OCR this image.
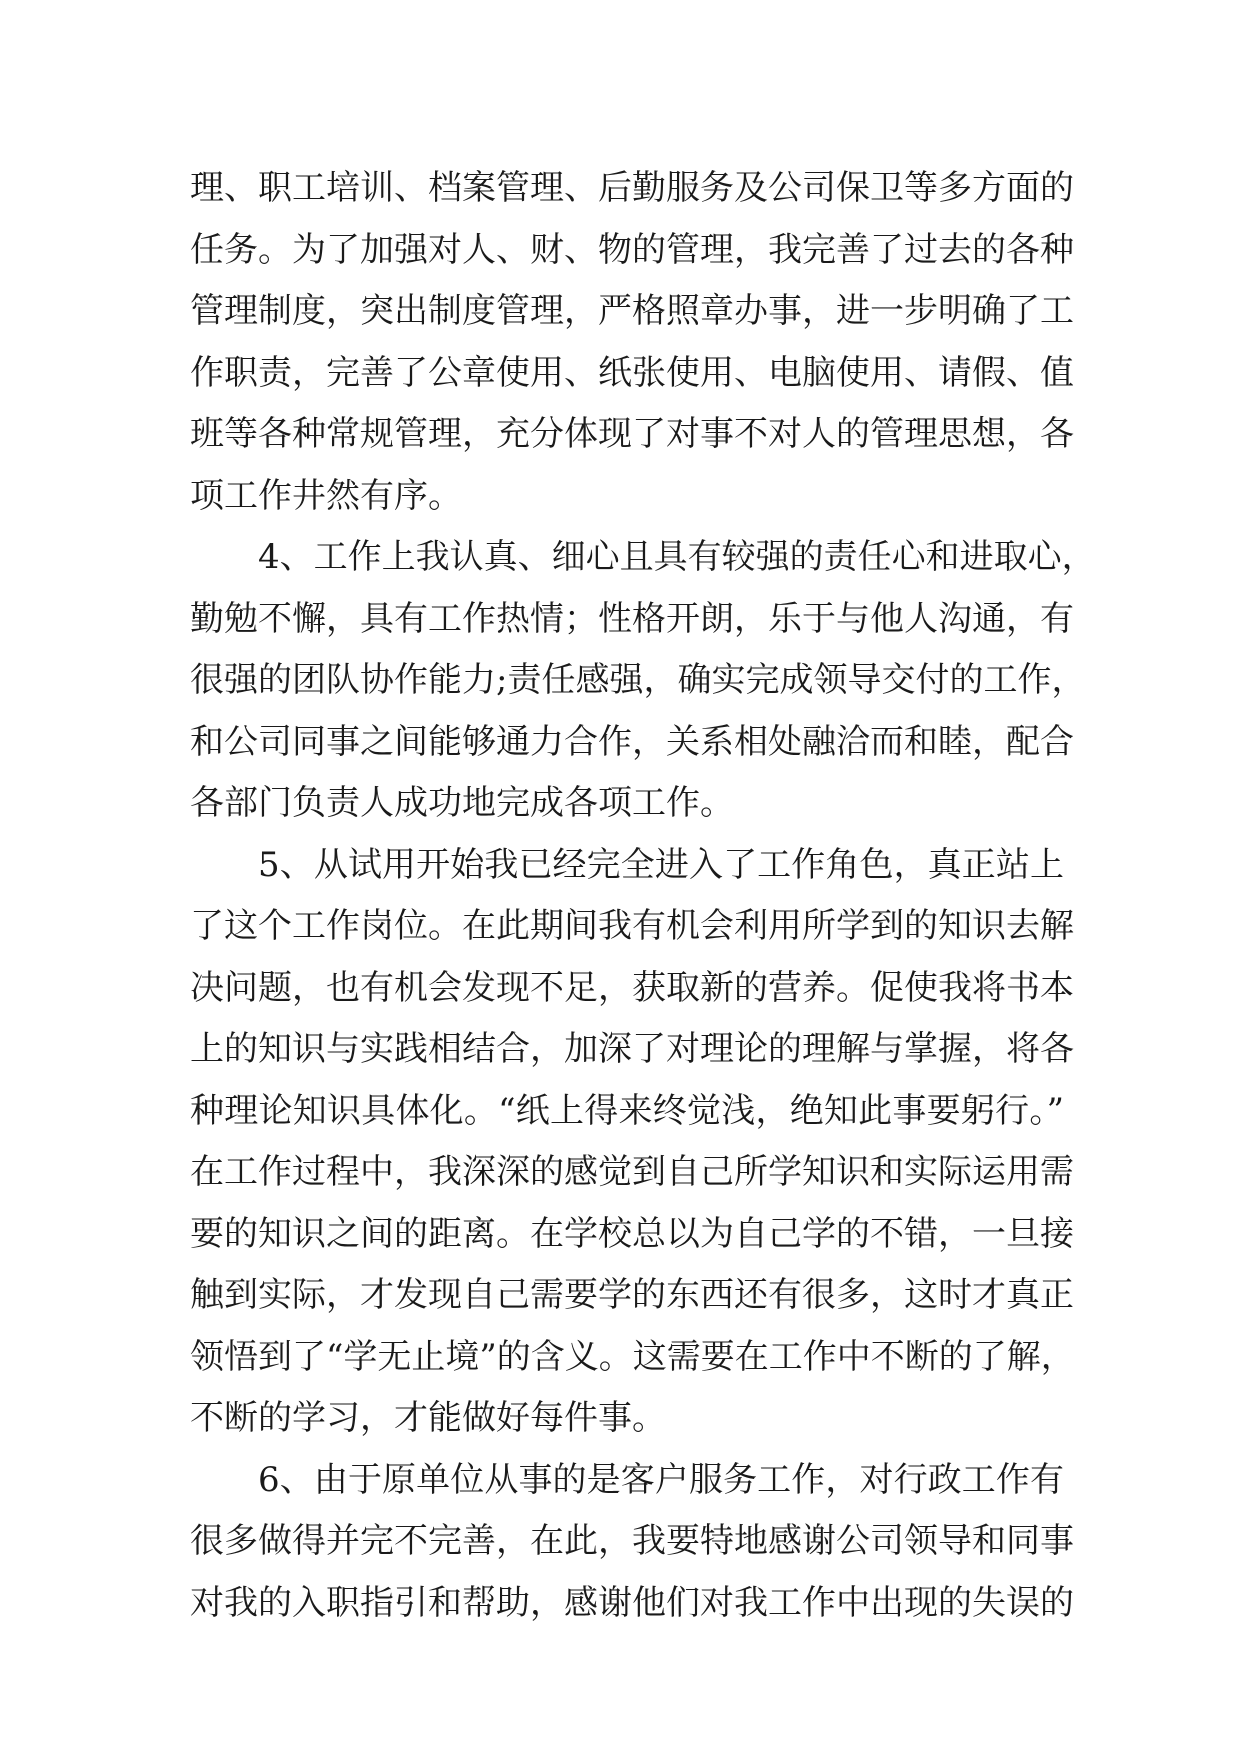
理、职工培训、档案管理、后勤服务及公司保卫等多方面的
任务。为了加强对人、财、物的管理，我完善了过去的各种
管理制度，突出制度管理，严格照章办事，进一步明确了工
作职责，完善了公章使用、纸张使用、电脑使用、请假、值
班等各种常规管理，充分体现了对事不对人的管理思想，各
项工作井然有序。
4、工作上我认真、细心且具有较强的责任心和进取心，
勤勉不懈，具有工作热情；性格开朗，乐于与他人沟通，有
很强的团队协作能力;责任感强，确实完成领导交付的工作，
和公司同事之间能够通力合作，关系相处融洽而和睦，配合
各部门负责人成功地完成各项工作。
5、从试用开始我已经完全进入了工作角色，真正站上
了这个工作岗位。在此期间我有机会利用所学到的知识去解
决问题，也有机会发现不足，获取新的营养。促使我将书本
上的知识与实践相结合，加深了对理论的理解与掌握，将各
种理论知识具体化。“纸上得来终觉浅，绝知此事要躬行。”
在工作过程中，我深深的感觉到自己所学知识和实际运用需
要的知识之间的距离。在学校总以为自己学的不错，一旦接
触到实际，才发现自己需要学的东西还有很多，这时才真正
领悟到了“学无止境”的含义。这需要在工作中不断的了解，
不断的学习，才能做好每件事。
6、由于原单位从事的是客户服务工作，对行政工作有
很多做得并完不完善，在此，我要特地感谢公司领导和同事
对我的入职指引和帮助，感谢他们对我工作中出现的失误的
